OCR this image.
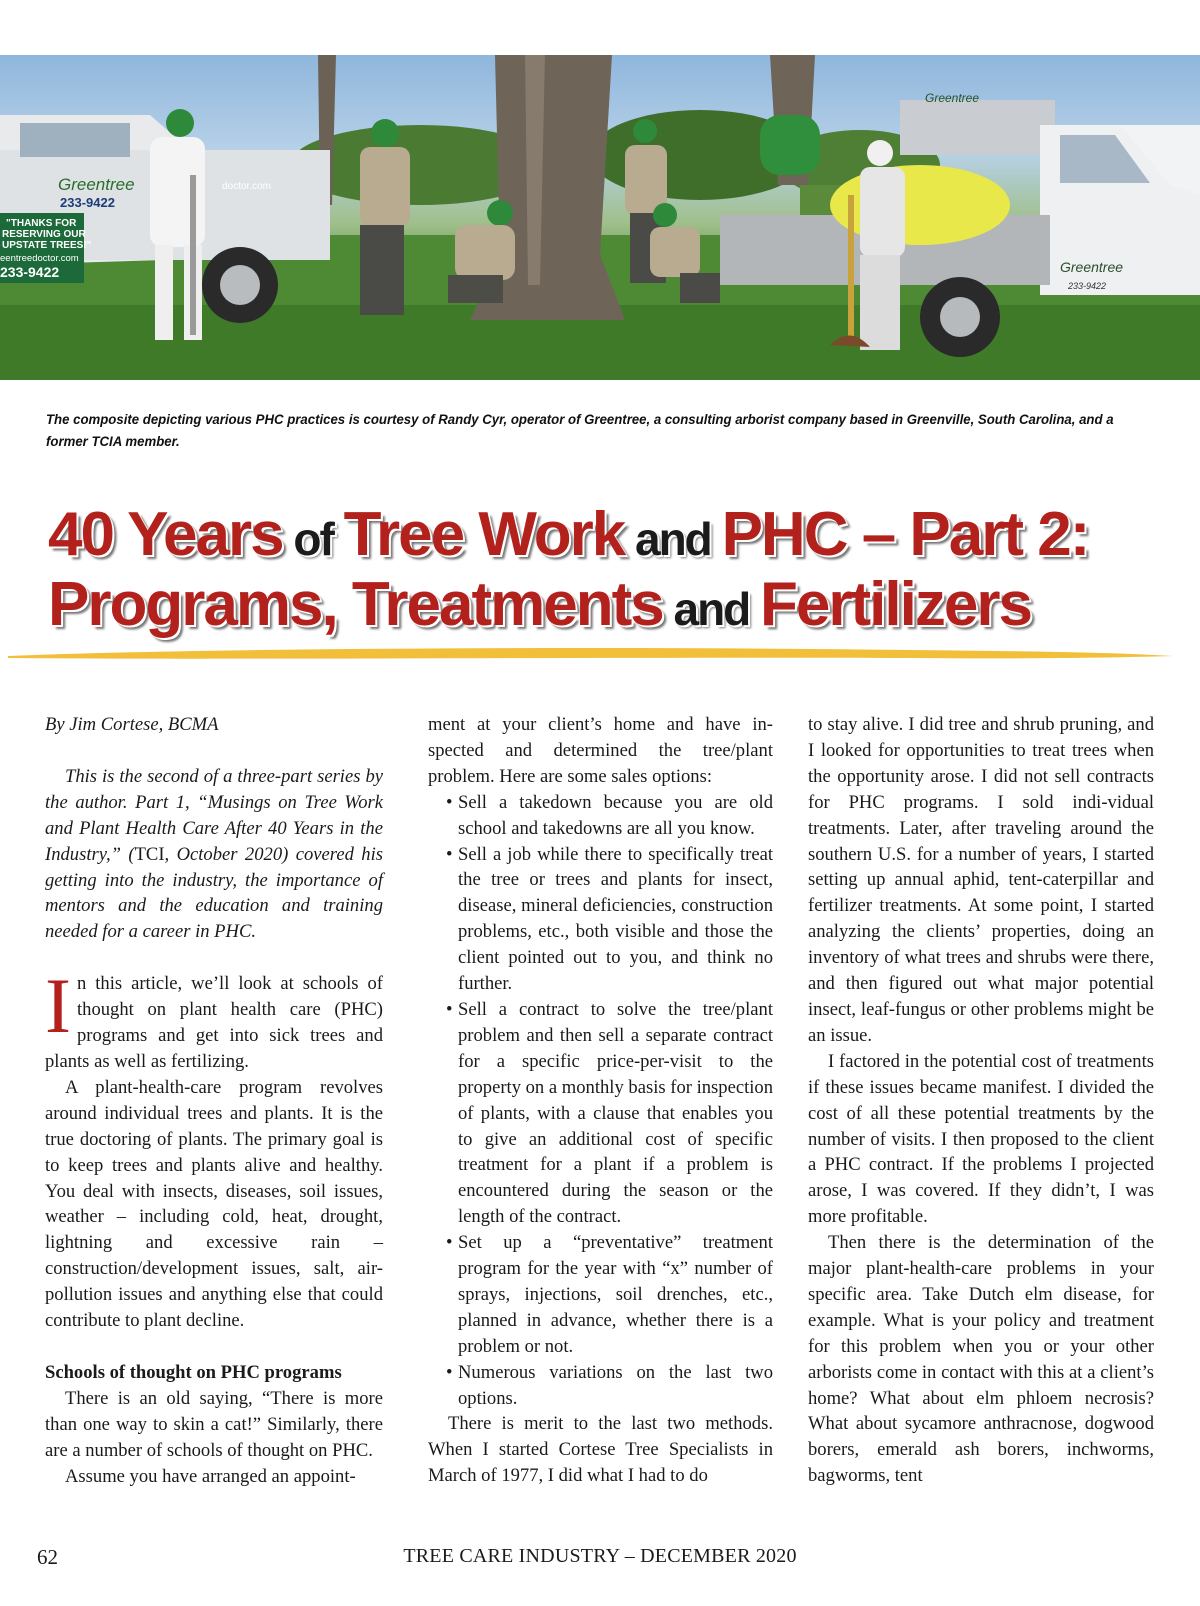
Greentree
233-9422
doctor.com
"THANKS FOR
RESERVING OUR
UPSTATE TREES!"
eentreedoctor.com
233-9422	Greentree
233-9422
Greentree
The composite depicting various PHC practices is courtesy of Randy Cyr, operator of Greentree, a consulting arborist company based in Greenville, South Carolina, and a former TCIA member.
40 Years of Tree Work and PHC – Part 2:
Programs, Treatments and Fertilizers

By Jim Cortese, BCMA

This is the second of a three-part series by the author. Part 1, “Musings on Tree Work and Plant Health Care After 40 Years in the Industry,” (TCI, October 2020) covered his getting into the industry, the importance of mentors and the education and training needed for a career in PHC.

In this article, we’ll look at schools of thought on plant health care (PHC) programs and get into sick trees and plants as well as fertilizing.

A plant-health-care program revolves around individual trees and plants. It is the true doctoring of plants. The primary goal is to keep trees and plants alive and healthy. You deal with insects, diseases, soil issues, weather – including cold, heat, drought, lightning and excessive rain – construction/development issues, salt, air-pollution issues and anything else that could contribute to plant decline.

Schools of thought on PHC programs

There is an old saying, “There is more than one way to skin a cat!” Similarly, there are a number of schools of thought on PHC.

Assume you have arranged an appoint-

ment at your client’s home and have in-spected and determined the tree/plant problem. Here are some sales options:

• Sell a takedown because you are old school and takedowns are all you know.
• Sell a job while there to specifically treat the tree or trees and plants for insect, disease, mineral deficiencies, construction problems, etc., both visible and those the client pointed out to you, and think no further.
• Sell a contract to solve the tree/plant problem and then sell a separate contract for a specific price-per-visit to the property on a monthly basis for inspection of plants, with a clause that enables you to give an additional cost of specific treatment for a plant if a problem is encountered during the season or the length of the contract.
• Set up a “preventative” treatment program for the year with “x” number of sprays, injections, soil drenches, etc., planned in advance, whether there is a problem or not.
• Numerous variations on the last two options.

There is merit to the last two methods. When I started Cortese Tree Specialists in March of 1977, I did what I had to do

to stay alive. I did tree and shrub pruning, and I looked for opportunities to treat trees when the opportunity arose. I did not sell contracts for PHC programs. I sold indi-vidual treatments. Later, after traveling around the southern U.S. for a number of years, I started setting up annual aphid, tent-caterpillar and fertilizer treatments. At some point, I started analyzing the clients’ properties, doing an inventory of what trees and shrubs were there, and then figured out what major potential insect, leaf-fungus or other problems might be an issue.

I factored in the potential cost of treatments if these issues became manifest. I divided the cost of all these potential treatments by the number of visits. I then proposed to the client a PHC contract. If the problems I projected arose, I was covered. If they didn’t, I was more profitable.

Then there is the determination of the major plant-health-care problems in your specific area. Take Dutch elm disease, for example. What is your policy and treatment for this problem when you or your other arborists come in contact with this at a client’s home? What about elm phloem necrosis? What about sycamore anthracnose, dogwood borers, emerald ash borers, inchworms, bagworms, tent

62	TREE CARE INDUSTRY – DECEMBER 2020
